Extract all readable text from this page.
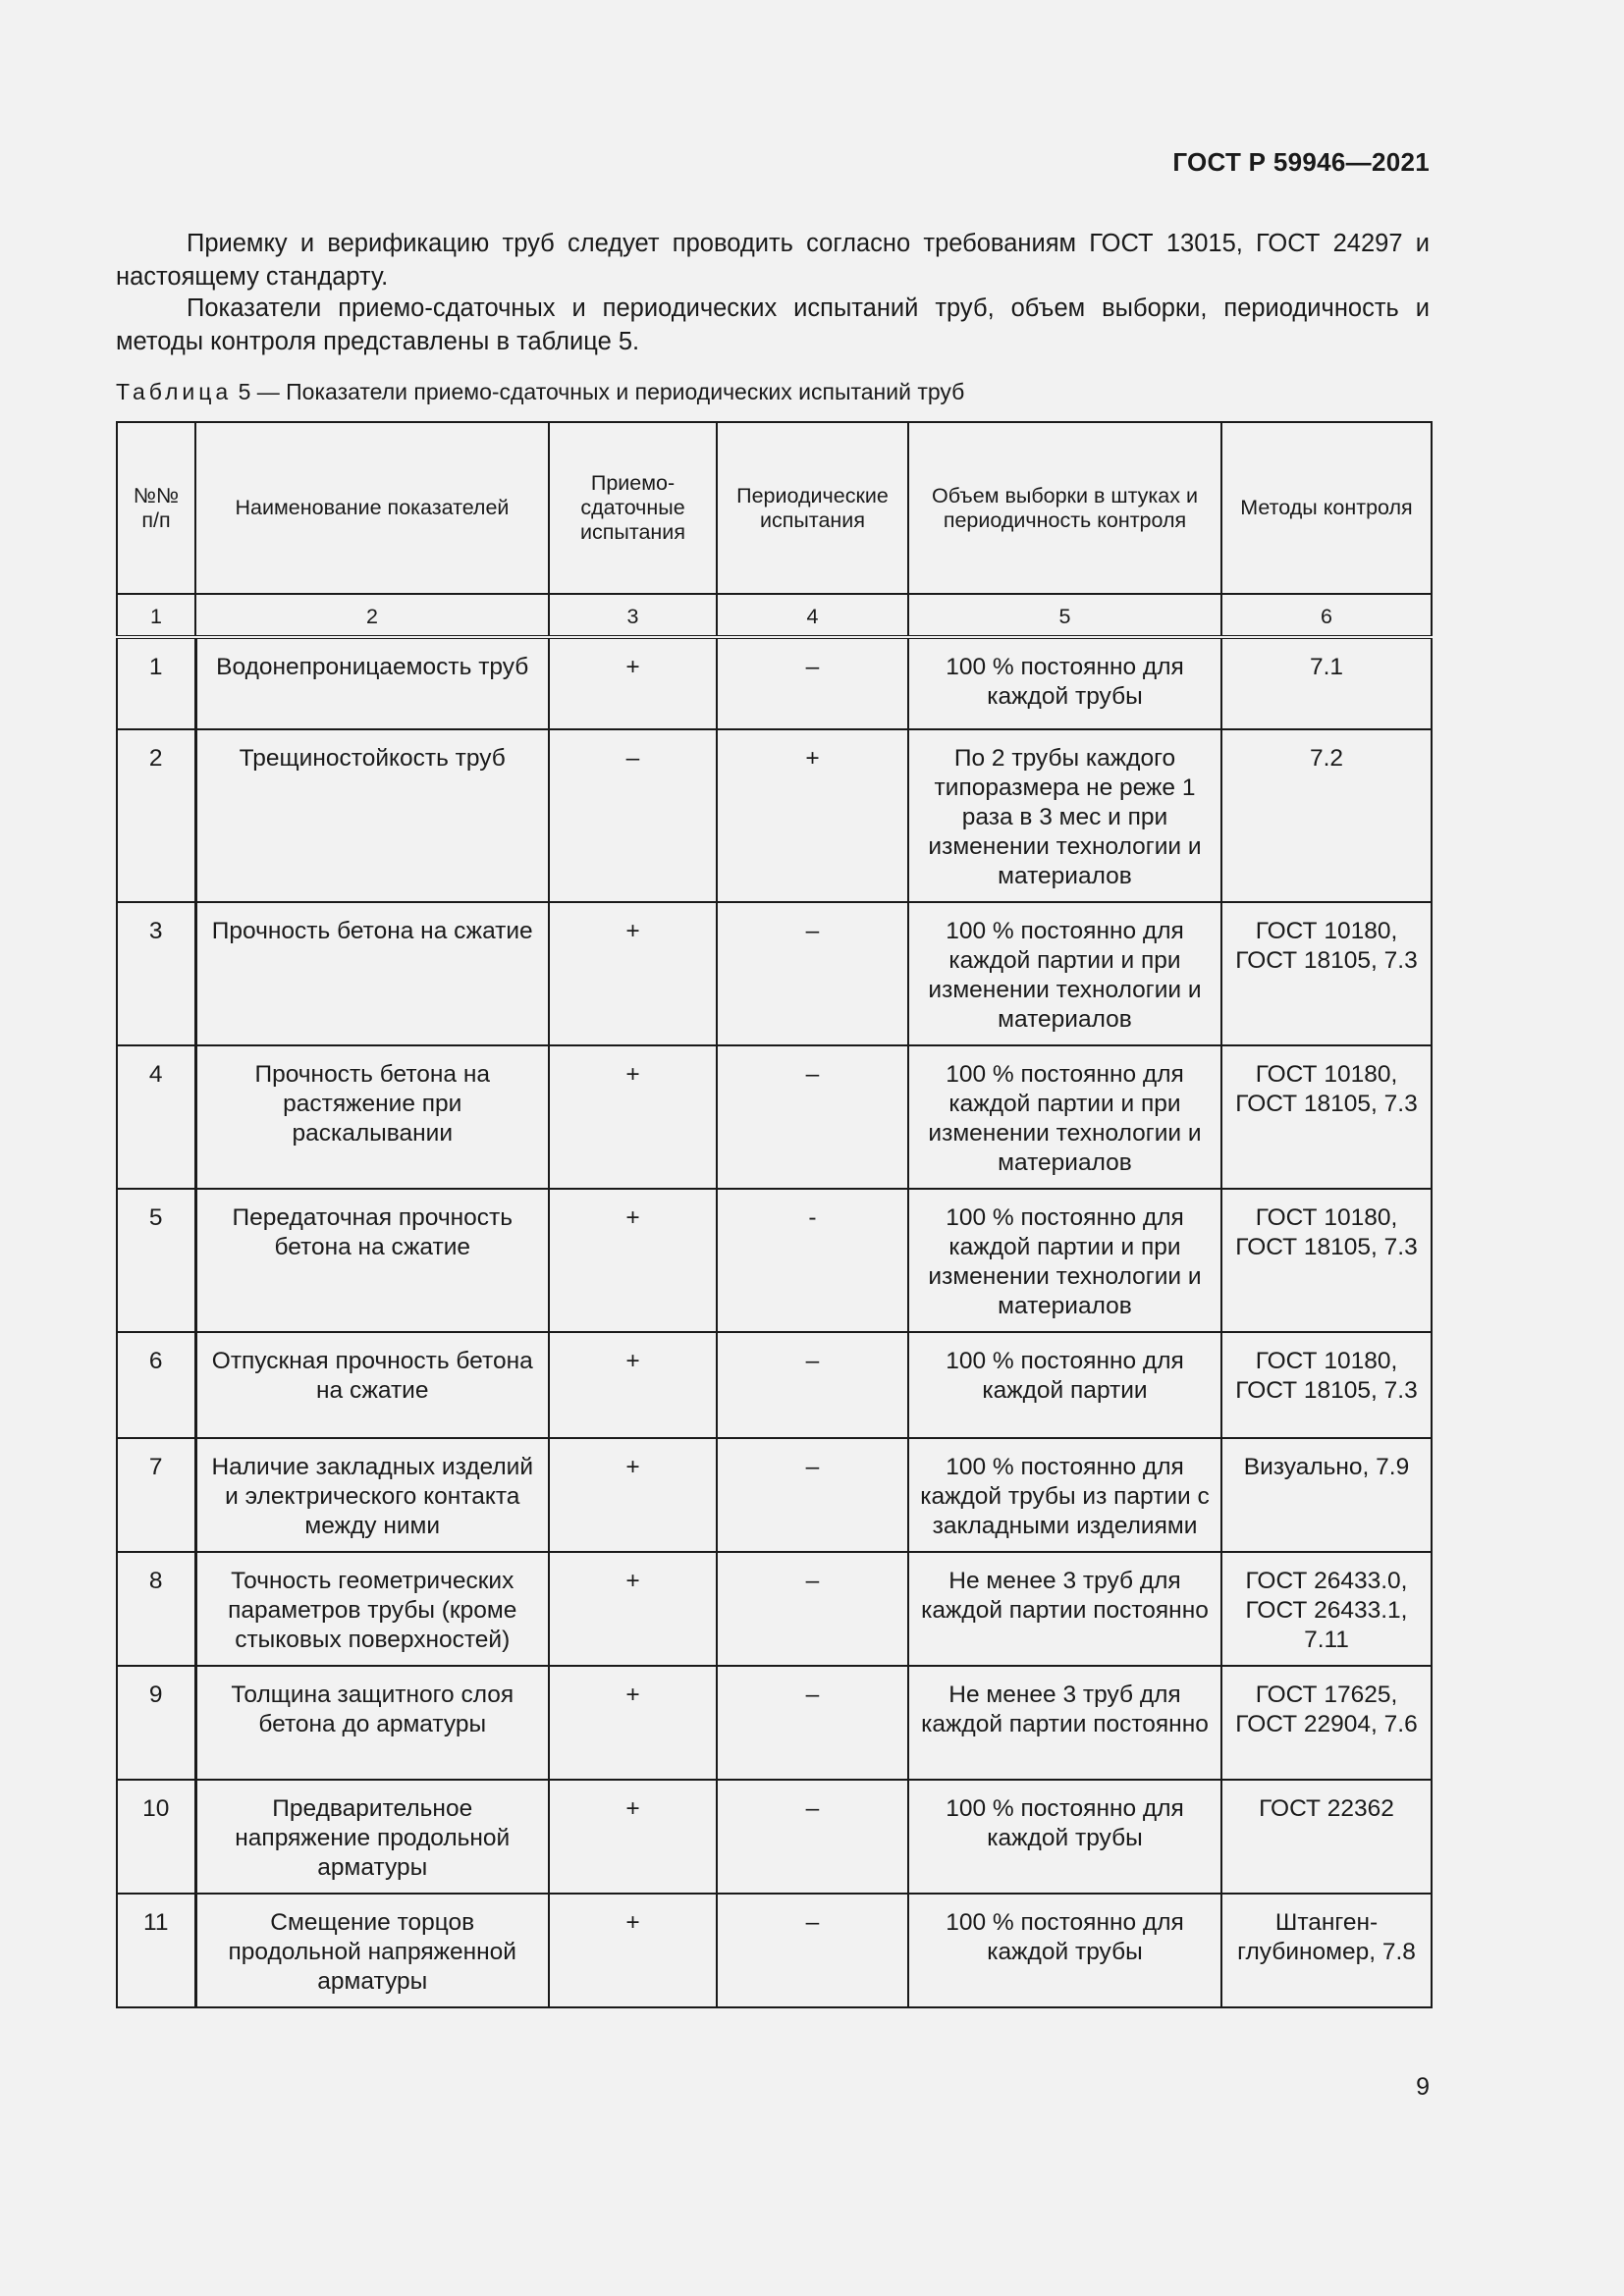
ГОСТ Р 59946—2021

Приемку и верификацию труб следует проводить согласно требованиям ГОСТ 13015, ГОСТ 24297 и настоящему стандарту.

Показатели приемо-сдаточных и периодических испытаний труб, объем выборки, периодичность и методы контроля представлены в таблице 5.

Таблица 5 — Показатели приемо-сдаточных и периодических испытаний труб
№№ п/п	Наименование показателей	Приемо-сдаточные испытания	Периодические испытания	Объем выборки в штуках и периодичность контроля	Методы контроля
1	2	3	4	5	6
1	Водонепроницаемость труб	+	–	100 % постоянно для каждой трубы	7.1
2	Трещиностойкость труб	–	+	По 2 трубы каждого типоразмера не реже 1 раза в 3 мес и при изменении технологии и материалов	7.2
3	Прочность бетона на сжатие	+	–	100 % постоянно для каждой партии и при изменении технологии и материалов	ГОСТ 10180, ГОСТ 18105, 7.3
4	Прочность бетона на растяжение при раскалывании	+	–	100 % постоянно для каждой партии и при изменении технологии и материалов	ГОСТ 10180, ГОСТ 18105, 7.3
5	Передаточная прочность бетона на сжатие	+	-	100 % постоянно для каждой партии и при изменении технологии и материалов	ГОСТ 10180, ГОСТ 18105, 7.3
6	Отпускная прочность бетона на сжатие	+	–	100 % постоянно для каждой партии	ГОСТ 10180, ГОСТ 18105, 7.3
7	Наличие закладных изделий и электрического контакта между ними	+	–	100 % постоянно для каждой трубы из партии с закладными изделиями	Визуально, 7.9
8	Точность геометрических параметров трубы (кроме стыковых поверхностей)	+	–	Не менее 3 труб для каждой партии постоянно	ГОСТ 26433.0, ГОСТ 26433.1, 7.11
9	Толщина защитного слоя бетона до арматуры	+	–	Не менее 3 труб для каждой партии постоянно	ГОСТ 17625, ГОСТ 22904, 7.6
10	Предварительное напряжение продольной арматуры	+	–	100 % постоянно для каждой трубы	ГОСТ 22362
11	Смещение торцов продольной напряженной арматуры	+	–	100 % постоянно для каждой трубы	Штанген-глубиномер, 7.8
9
